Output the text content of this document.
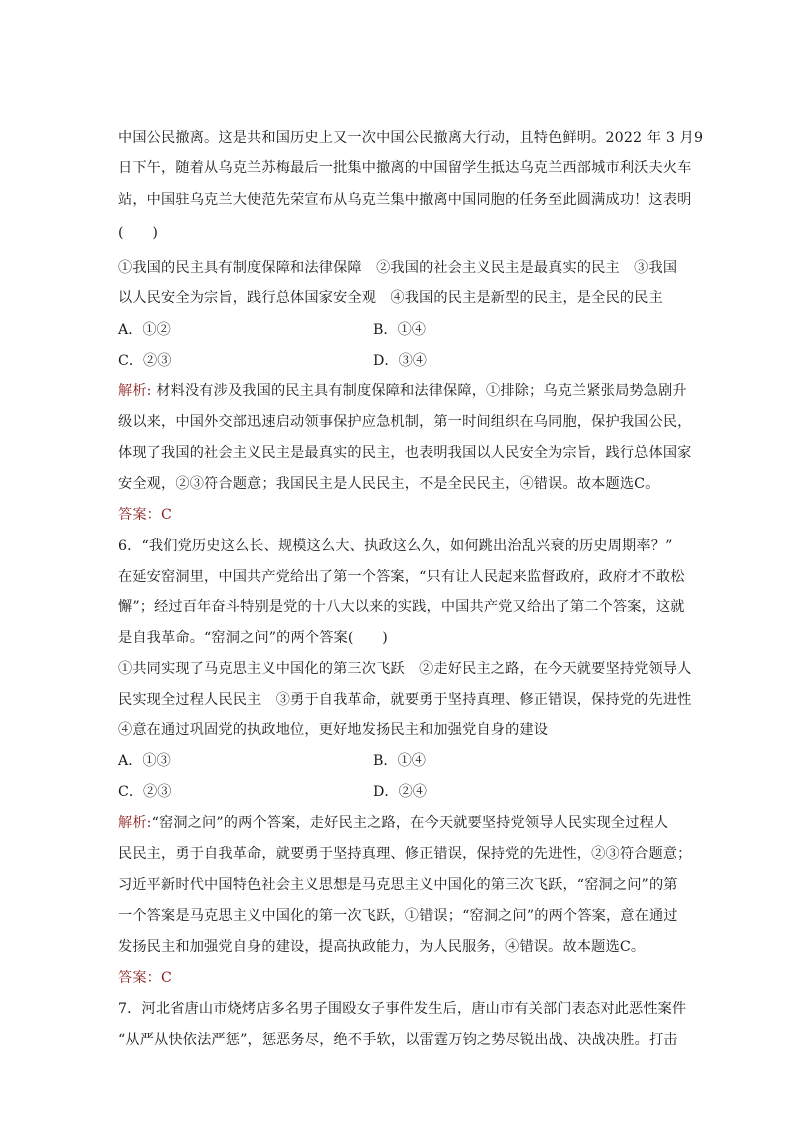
中国公民撤离。这是共和国历史上又一次中国公民撤离大行动，且特色鲜明。2022 年 3 月9
日下午，随着从乌克兰苏梅最后一批集中撤离的中国留学生抵达乌克兰西部城市利沃夫火车
站，中国驻乌克兰大使范先荣宣布从乌克兰集中撤离中国同胞的任务至此圆满成功！这表明
(　　)
①我国的民主具有制度保障和法律保障　②我国的社会主义民主是最真实的民主　③我国
以人民安全为宗旨，践行总体国家安全观　④我国的民主是新型的民主，是全民的民主
A．①②	B．①④
C．②③	D．③④
解析: 材料没有涉及我国的民主具有制度保障和法律保障，①排除；乌克兰紧张局势急剧升
级以来，中国外交部迅速启动领事保护应急机制，第一时间组织在乌同胞，保护我国公民，
体现了我国的社会主义民主是最真实的民主，也表明我国以人民安全为宗旨，践行总体国家
安全观，②③符合题意；我国民主是人民民主，不是全民民主，④错误。故本题选C。
答案：C
6．“我们党历史这么长、规模这么大、执政这么久，如何跳出治乱兴衰的历史周期率？”
在延安窑洞里，中国共产党给出了第一个答案，“只有让人民起来监督政府，政府才不敢松
懈”；经过百年奋斗特别是党的十八大以来的实践，中国共产党又给出了第二个答案，这就
是自我革命。“窑洞之问”的两个答案(　　)
①共同实现了马克思主义中国化的第三次飞跃　②走好民主之路，在今天就要坚持党领导人
民实现全过程人民民主　③勇于自我革命，就要勇于坚持真理、修正错误，保持党的先进性
④意在通过巩固党的执政地位，更好地发扬民主和加强党自身的建设
A．①③	B．①④
C．②③	D．②④
解析:“窑洞之问”的两个答案，走好民主之路，在今天就要坚持党领导人民实现全过程人
民民主，勇于自我革命，就要勇于坚持真理、修正错误，保持党的先进性，②③符合题意；
习近平新时代中国特色社会主义思想是马克思主义中国化的第三次飞跃，“窑洞之问”的第
一个答案是马克思主义中国化的第一次飞跃，①错误；“窑洞之问”的两个答案，意在通过
发扬民主和加强党自身的建设，提高执政能力，为人民服务，④错误。故本题选C。
答案：C
7．河北省唐山市烧烤店多名男子围殴女子事件发生后，唐山市有关部门表态对此恶性案件
“从严从快依法严惩”，惩恶务尽，绝不手软，以雷霆万钧之势尽锐出战、决战决胜。打击
